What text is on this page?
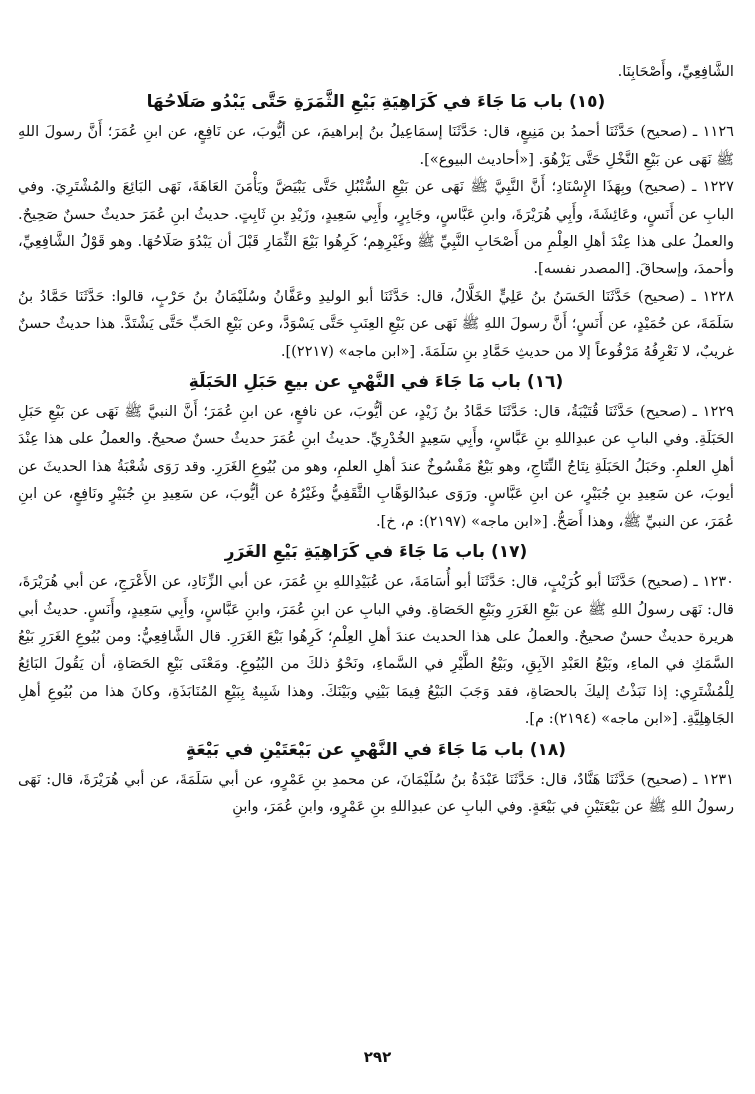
الشَّافِعِيِّ، وأَصْحَابِنَا.

(١٥) باب مَا جَاءَ في كَرَاهِيَةِ بَيْعِ الثَّمَرَةِ حَتَّى يَبْدُو صَلَاحُهَا

١١٢٦ ـ (صحيح) حَدَّثَنَا أحمدُ بن مَنِيعٍ، قال: حَدَّثَنَا إسمَاعِيلُ بنُ إبراهيمَ، عن أيُّوبَ، عن نَافِعٍ، عن ابنِ عُمَرَ؛ أَنَّ رسولَ اللهِ ﷺ نَهَى عن بَيْعِ النَّخْلِ حَتَّى يَزْهُوَ. [«أحاديث البيوع»].

١٢٢٧ ـ (صحيح) وبِهَذَا الإِسْنَادِ؛ أَنَّ النَّبِيَّ ﷺ نَهَى عن بَيْعِ السُّنْبُلِ حَتَّى يَبْيَضَّ ويَأْمَنَ العَاهَةَ، نَهَى البَائِعَ والمُشْتَرِيَ. وفي البابِ عن أَنَسٍ، وعَائِشَةَ، وأَبِي هُرَيْرَةَ، وابنِ عَبَّاسٍ، وجَابِرٍ، وأَبِي سَعِيدٍ، وزَيْدِ بنِ ثَابِتٍ. حديثُ ابنِ عُمَرَ حديثٌ حسنٌ صَحِيحٌ. والعملُ على هذا عِنْدَ أهلِ العِلْمِ من أَصْحَابِ النَّبِيِّ ﷺ وغَيْرِهِم؛ كَرِهُوا بَيْعَ الثِّمَارِ قَبْلَ أن يَبْدُوَ صَلَاحُهَا. وهو قَوْلُ الشَّافِعِيِّ، وأحمدَ، وإسحاقَ. [المصدر نفسه].

١٢٢٨ ـ (صحيح) حَدَّثَنَا الحَسَنُ بنُ عَلِيٍّ الخَلَّالُ، قال: حَدَّثَنَا أبو الوليدِ وعَفَّانُ وسُلَيْمَانُ بنُ حَرْبٍ، قالوا: حَدَّثَنَا حَمَّادُ بنُ سَلَمَةَ، عن حُمَيْدٍ، عن أَنَسٍ؛ أَنَّ رسولَ اللهِ ﷺ نَهَى عن بَيْعِ العِنَبِ حَتَّى يَسْوَدَّ، وعن بَيْعِ الحَبِّ حَتَّى يَشْتَدَّ. هذا حديثٌ حسنٌ غريبٌ، لا نَعْرِفُهُ مَرْفُوعاً إلا من حديثِ حَمَّادِ بنِ سَلَمَةَ. [«ابن ماجه» (٢٢١٧)].

(١٦) باب مَا جَاءَ في النَّهْيِ عن بيعِ حَبَلِ الحَبَلَةِ

١٢٢٩ ـ (صحيح) حَدَّثَنَا قُتَيْبَةُ، قال: حَدَّثَنَا حَمَّادُ بنُ زَيْدٍ، عن أيُّوبَ، عن نافعٍ، عن ابنِ عُمَرَ؛ أَنَّ النبيَّ ﷺ نَهَى عن بَيْعِ حَبَلِ الحَبَلَةِ. وفي البابِ عن عبدِاللهِ بنِ عَبَّاسٍ، وأَبِي سَعِيدٍ الخُدْرِيِّ. حديثُ ابنِ عُمَرَ حديثٌ حسنٌ صحيحٌ. والعملُ على هذا عِنْدَ أهلِ العلمِ. وحَبَلُ الحَبَلَةِ نِتَاجُ النِّتَاجِ، وهو بَيْعٌ مَفْسُوخٌ عندَ أهلِ العلمِ، وهو من بُيُوعِ الغَرَرِ. وقد رَوَى شُعْبَةُ هذا الحديثَ عن أيوبَ، عن سَعِيدِ بنِ جُبَيْرٍ، عن ابنِ عَبَّاسٍ. ورَوَى عبدُالوَهَّابِ الثَّقَفِيُّ وغَيْرُهُ عن أيُّوبَ، عن سَعِيدِ بنِ جُبَيْرٍ ونَافِعٍ، عن ابنِ عُمَرَ، عن النبيِّ ﷺ، وهذا أَصَحُّ. [«ابن ماجه» (٢١٩٧): م، خ].

(١٧) باب مَا جَاءَ في كَرَاهِيَةِ بَيْعِ الغَرَرِ

١٢٣٠ ـ (صحيح) حَدَّثَنَا أبو كُرَيْبٍ، قال: حَدَّثَنَا أبو أُسَامَةَ، عن عُبَيْدِاللهِ بنِ عُمَرَ، عن أبي الزِّنَادِ، عن الأَعْرَجِ، عن أبي هُرَيْرَةَ، قال: نَهَى رسولُ اللهِ ﷺ عن بَيْعِ الغَرَرِ وبَيْعِ الحَصَاةِ. وفي البابِ عن ابنِ عُمَرَ، وابنِ عَبَّاسٍ، وأَبِي سَعِيدٍ، وأَنَسٍ. حديثُ أبي هريرة حديثٌ حسنٌ صحيحٌ. والعملُ على هذا الحديث عندَ أهلِ العِلْمِ؛ كَرِهُوا بَيْعَ الغَرَرِ. قال الشَّافِعِيُّ: ومن بُيُوعِ الغَرَرِ بَيْعُ السَّمَكِ في الماءِ، وبَيْعُ العَبْدِ الآبِقِ، وبَيْعُ الطَّيْرِ في السَّماءِ، ونَحْوُ ذلكَ من البُيُوعِ. ومَعْنَى بَيْعِ الحَصَاةِ، أن يَقُولَ البَائِعُ لِلْمُشْتَرِي: إذا نَبَذْتُ إليكَ بالحصَاةِ، فقد وَجَبَ البَيْعُ فِيمَا بَيْنِي وبَيْنَكَ. وهذا شَبِيهٌ بِبَيْعِ المُنَابَذَةِ، وكانَ هذا من بُيُوعِ أهلِ الجَاهِلِيَّةِ. [«ابن ماجه» (٢١٩٤): م].

(١٨) باب مَا جَاءَ في النَّهْيِ عن بَيْعَتَيْنِ في بَيْعَةٍ

١٢٣١ ـ (صحيح) حَدَّثَنَا هَنَّادٌ، قال: حَدَّثَنَا عَبْدَةُ بنُ سُلَيْمَانَ، عن محمدِ بنِ عَمْرٍو، عن أبي سَلَمَةَ، عن أبي هُرَيْرَةَ، قال: نَهَى رسولُ اللهِ ﷺ عن بَيْعَتَيْنِ في بَيْعَةٍ. وفي البابِ عن عبدِاللهِ بنِ عَمْرٍو، وابنِ عُمَرَ، وابنِ

٢٩٢
